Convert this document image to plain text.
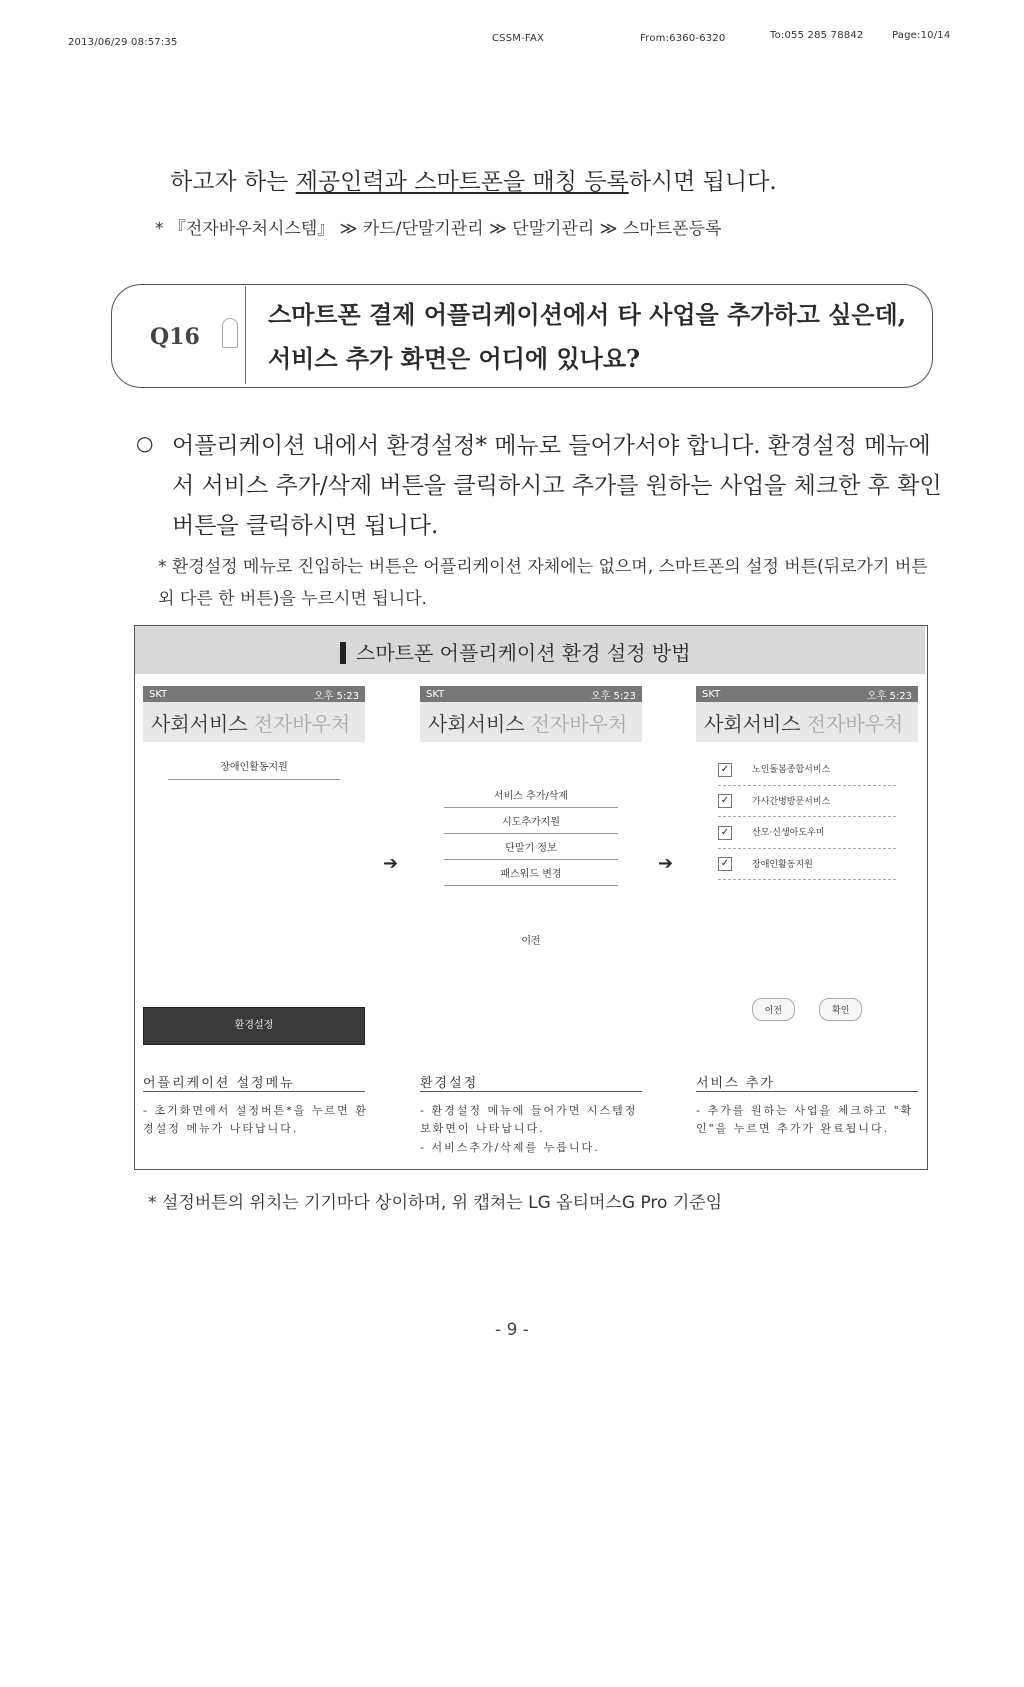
2013/06/29 08:57:35	CSSM-FAX	From:6360-6320	To:055 285 78842	Page:10/14
하고자 하는 제공인력과 스마트폰을 매칭 등록하시면 됩니다.
* 『전자바우처시스템』 ≫ 카드/단말기관리 ≫ 단말기관리 ≫ 스마트폰등록
Q16
스마트폰 결제 어플리케이션에서 타 사업을 추가하고 싶은데, 서비스 추가 화면은 어디에 있나요?
○ 어플리케이션 내에서 환경설정* 메뉴로 들어가서야 합니다. 환경설정 메뉴에서 서비스 추가/삭제 버튼을 클릭하시고 추가를 원하는 사업을 체크한 후 확인버튼을 클릭하시면 됩니다.
* 환경설정 메뉴로 진입하는 버튼은 어플리케이션 자체에는 없으며, 스마트폰의 설정 버튼(뒤로가기 버튼 외 다른 한 버튼)을 누르시면 됩니다.
스마트폰 어플리케이션 환경 설정 방법
SKT	오후 5:23
사회서비스 전자바우처
장애인활동지원
환경설정
➔
SKT	오후 5:23
사회서비스 전자바우처
서비스 추가/삭제
시도추가지원
단말기 정보
패스워드 변경
이전
➔
SKT	오후 5:23
사회서비스 전자바우처
✓	노인돌봄종합서비스
✓	가사간병방문서비스
✓	산모·신생아도우미
✓	장애인활동지원
이전	확인
어플리케이션 설정메뉴
- 초기화면에서 설정버튼*을 누르면 환경설정 메뉴가 나타납니다.
환경설정
- 환경설정 메뉴에 들어가면 시스템정보화면이 나타납니다.
- 서비스추가/삭제를 누릅니다.
서비스 추가
- 추가를 원하는 사업을 체크하고 "확인"을 누르면 추가가 완료됩니다.
* 설정버튼의 위치는 기기마다 상이하며, 위 캡쳐는 LG 옵티머스G Pro 기준임
- 9 -
